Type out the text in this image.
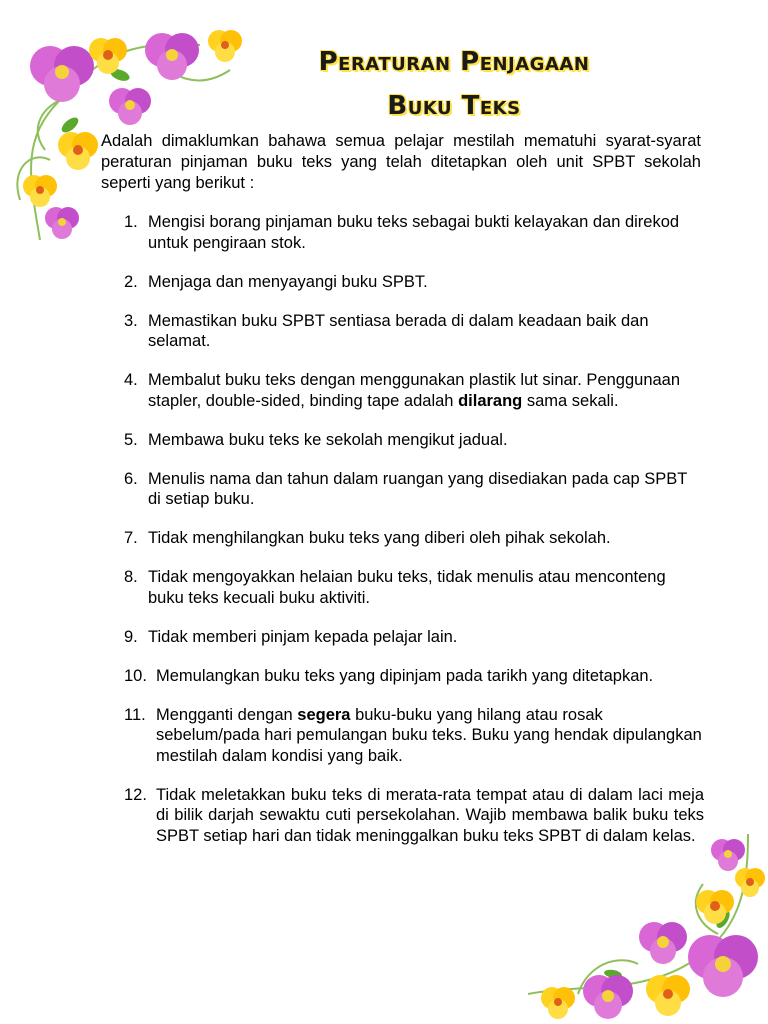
Peraturan Penjagaan
Buku Teks

Adalah dimaklumkan bahawa semua pelajar mestilah mematuhi syarat-syarat peraturan pinjaman buku teks yang telah ditetapkan oleh unit SPBT sekolah seperti yang berikut :

1. Mengisi borang pinjaman buku teks sebagai bukti kelayakan dan direkod untuk pengiraan stok.
2. Menjaga dan menyayangi buku SPBT.
3. Memastikan buku SPBT sentiasa berada di dalam keadaan baik dan selamat.
4. Membalut buku teks dengan menggunakan plastik lut sinar. Penggunaan stapler, double-sided, binding tape adalah dilarang sama sekali.
5. Membawa buku teks ke sekolah mengikut jadual.
6. Menulis nama dan tahun dalam ruangan yang disediakan pada cap SPBT di setiap buku.
7. Tidak menghilangkan buku teks yang diberi oleh pihak sekolah.
8. Tidak mengoyakkan helaian buku teks, tidak menulis atau menconteng buku teks kecuali buku aktiviti.
9. Tidak memberi pinjam kepada pelajar lain.
10. Memulangkan buku teks yang dipinjam pada tarikh yang ditetapkan.
11. Mengganti dengan segera buku-buku yang hilang atau rosak sebelum/pada hari pemulangan buku teks. Buku yang hendak dipulangkan mestilah dalam kondisi yang baik.
12. Tidak meletakkan buku teks di merata-rata tempat atau di dalam laci meja di bilik darjah sewaktu cuti persekolahan. Wajib membawa balik buku teks SPBT setiap hari dan tidak meninggalkan buku teks SPBT di dalam kelas.
